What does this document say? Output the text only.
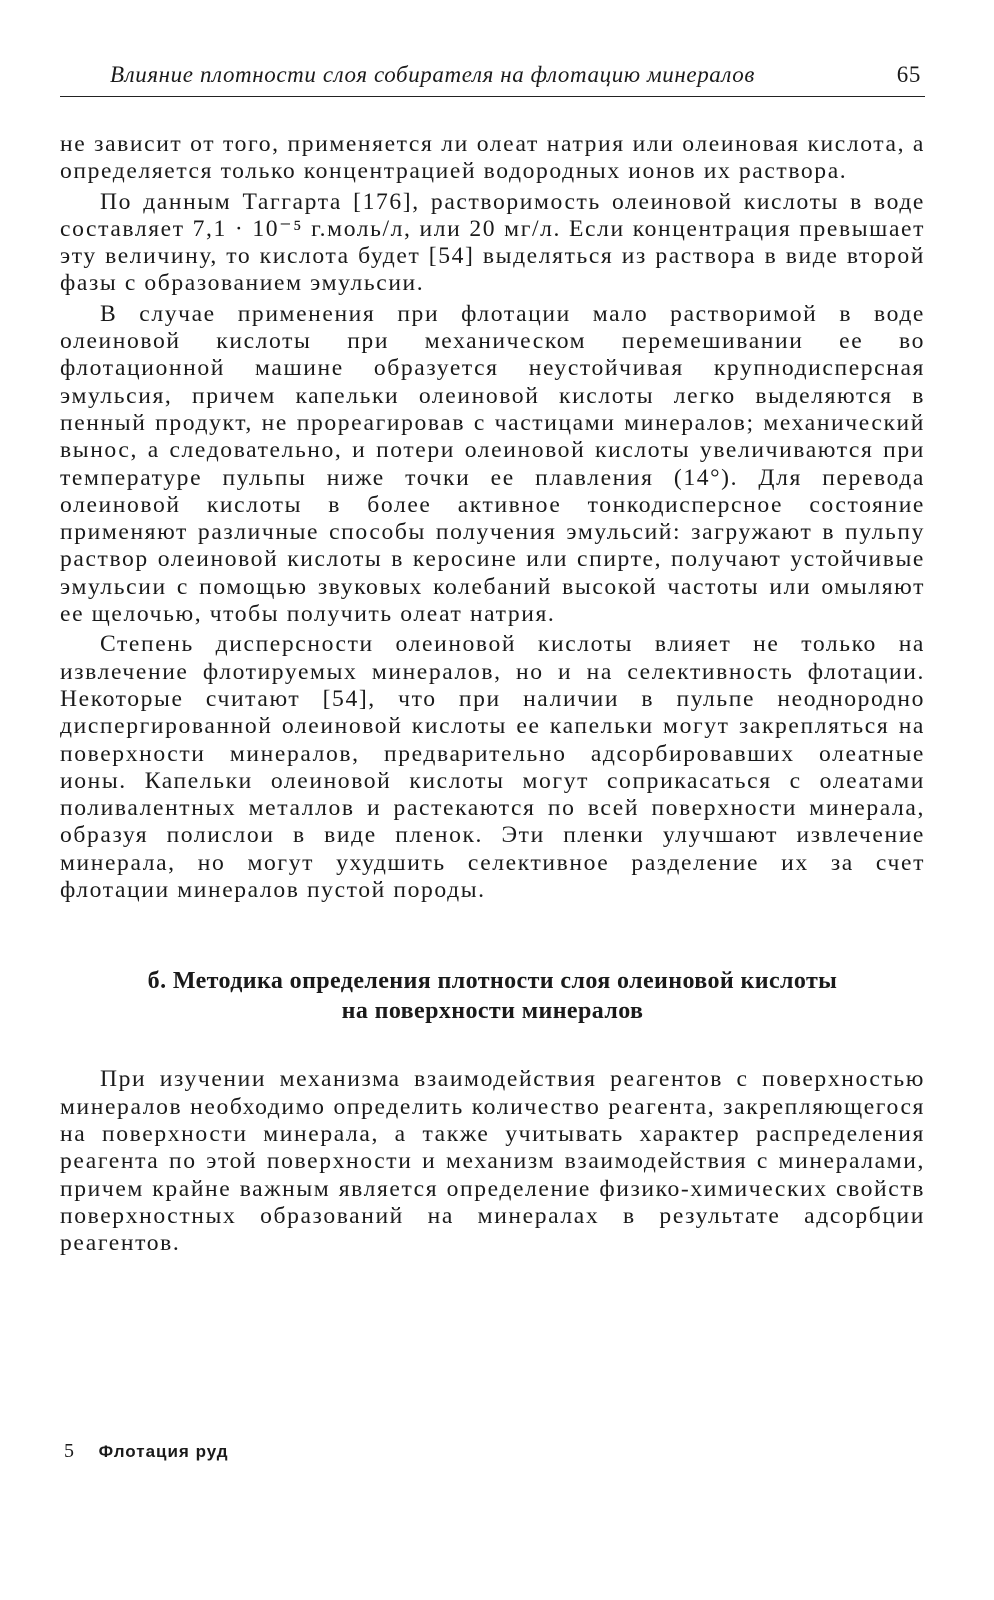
Влияние плотности слоя собирателя на флотацию минералов	65

не зависит от того, применяется ли олеат натрия или олеиновая кислота, а определяется только концентрацией водородных ионов их раствора.

По данным Таггарта [176], растворимость олеиновой кислоты в воде составляет 7,1 · 10⁻⁵ г.моль/л, или 20 мг/л. Если концентрация превышает эту величину, то кислота будет [54] выделяться из раствора в виде второй фазы с образованием эмульсии.

В случае применения при флотации мало растворимой в воде олеиновой кислоты при механическом перемешивании ее во флотационной машине образуется неустойчивая крупнодисперсная эмульсия, причем капельки олеиновой кислоты легко выделяются в пенный продукт, не прореагировав с частицами минералов; механический вынос, а следовательно, и потери олеиновой кислоты увеличиваются при температуре пульпы ниже точки ее плавления (14°). Для перевода олеиновой кислоты в более активное тонкодисперсное состояние применяют различные способы получения эмульсий: загружают в пульпу раствор олеиновой кислоты в керосине или спирте, получают устойчивые эмульсии с помощью звуковых колебаний высокой частоты или омыляют ее щелочью, чтобы получить олеат натрия.

Степень дисперсности олеиновой кислоты влияет не только на извлечение флотируемых минералов, но и на селективность флотации. Некоторые считают [54], что при наличии в пульпе неоднородно диспергированной олеиновой кислоты ее капельки могут закрепляться на поверхности минералов, предварительно адсорбировавших олеатные ионы. Капельки олеиновой кислоты могут соприкасаться с олеатами поливалентных металлов и растекаются по всей поверхности минерала, образуя полислои в виде пленок. Эти пленки улучшают извлечение минерала, но могут ухудшить селективное разделение их за счет флотации минералов пустой породы.

б. Методика определения плотности слоя олеиновой кислоты
на поверхности минералов

При изучении механизма взаимодействия реагентов с поверхностью минералов необходимо определить количество реагента, закрепляющегося на поверхности минерала, а также учитывать характер распределения реагента по этой поверхности и механизм взаимодействия с минералами, причем крайне важным является определение физико-химических свойств поверхностных образований на минералах в результате адсорбции реагентов.

5 Флотация руд
